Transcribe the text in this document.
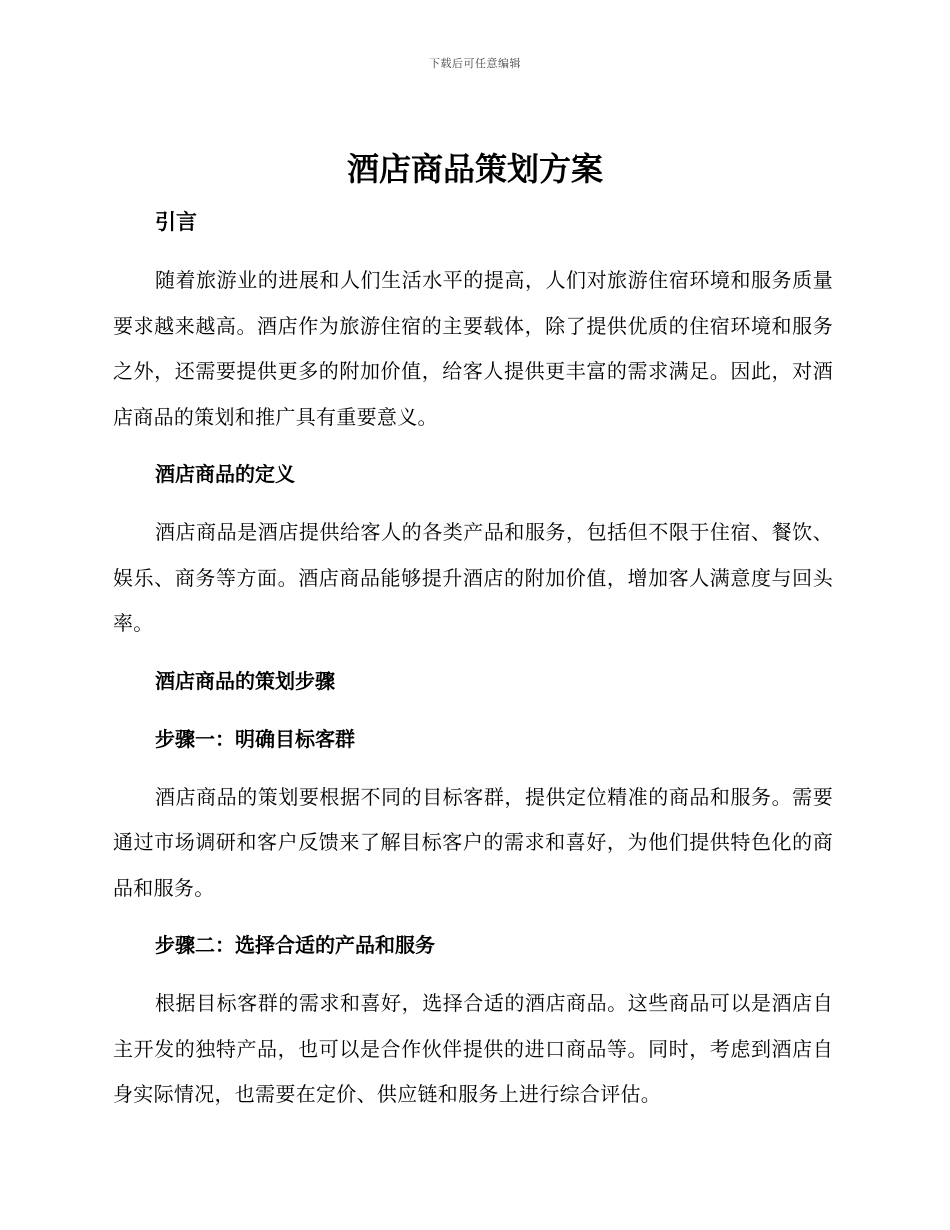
下载后可任意编辑
酒店商品策划方案
引言

随着旅游业的进展和人们生活水平的提高，人们对旅游住宿环境和服务质量要求越来越高。酒店作为旅游住宿的主要载体，除了提供优质的住宿环境和服务之外，还需要提供更多的附加价值，给客人提供更丰富的需求满足。因此，对酒店商品的策划和推广具有重要意义。

酒店商品的定义

酒店商品是酒店提供给客人的各类产品和服务，包括但不限于住宿、餐饮、娱乐、商务等方面。酒店商品能够提升酒店的附加价值，增加客人满意度与回头率。

酒店商品的策划步骤
步骤一：明确目标客群

酒店商品的策划要根据不同的目标客群，提供定位精准的商品和服务。需要通过市场调研和客户反馈来了解目标客户的需求和喜好，为他们提供特色化的商品和服务。

步骤二：选择合适的产品和服务

根据目标客群的需求和喜好，选择合适的酒店商品。这些商品可以是酒店自主开发的独特产品，也可以是合作伙伴提供的进口商品等。同时，考虑到酒店自身实际情况，也需要在定价、供应链和服务上进行综合评估。
